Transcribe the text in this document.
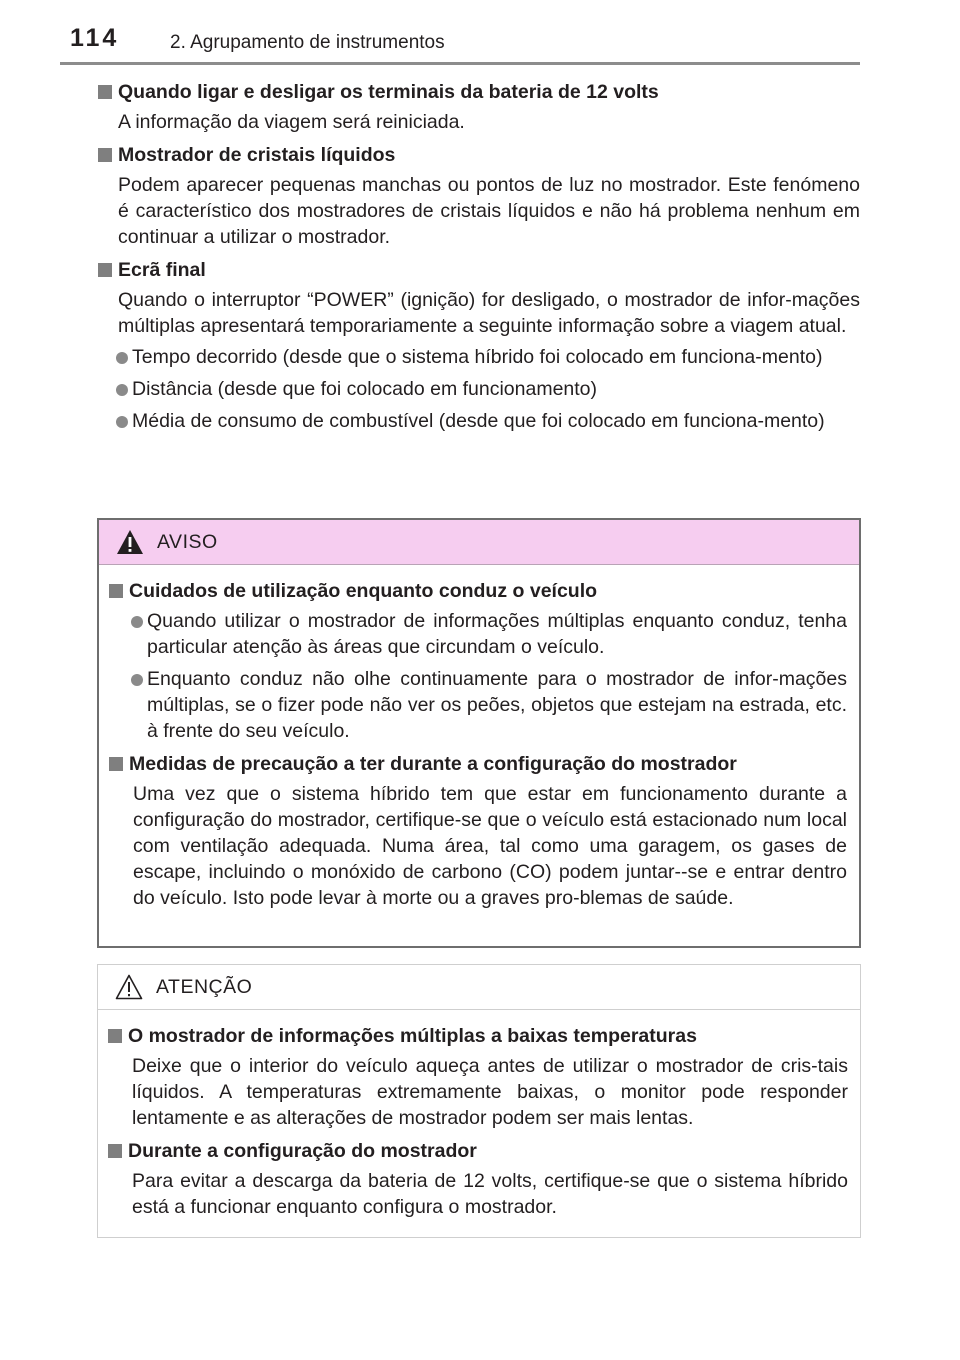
114	2. Agrupamento de instrumentos
Quando ligar e desligar os terminais da bateria de 12 volts
A informação da viagem será reiniciada.
Mostrador de cristais líquidos
Podem aparecer pequenas manchas ou pontos de luz no mostrador. Este fenómeno é característico dos mostradores de cristais líquidos e não há problema nenhum em continuar a utilizar o mostrador.
Ecrã final
Quando o interruptor “POWER” (ignição) for desligado, o mostrador de infor-mações múltiplas apresentará temporariamente a seguinte informação sobre a viagem atual.
Tempo decorrido (desde que o sistema híbrido foi colocado em funciona-mento)
Distância (desde que foi colocado em funcionamento)
Média de consumo de combustível (desde que foi colocado em funciona-mento)
AVISO
Cuidados de utilização enquanto conduz o veículo
Quando utilizar o mostrador de informações múltiplas enquanto conduz, tenha particular atenção às áreas que circundam o veículo.
Enquanto conduz não olhe continuamente para o mostrador de infor-mações múltiplas, se o fizer pode não ver os peões, objetos que estejam na estrada, etc. à frente do seu veículo.
Medidas de precaução a ter durante a configuração do mostrador
Uma vez que o sistema híbrido tem que estar em funcionamento durante a configuração do mostrador, certifique-se que o veículo está estacionado num local com ventilação adequada. Numa área, tal como uma garagem, os gases de escape, incluindo o monóxido de carbono (CO) podem juntar--se e entrar dentro do veículo. Isto pode levar à morte ou a graves pro-blemas de saúde.
ATENÇÃO
O mostrador de informações múltiplas a baixas temperaturas
Deixe que o interior do veículo aqueça antes de utilizar o mostrador de cris-tais líquidos. A temperaturas extremamente baixas, o monitor pode responder lentamente e as alterações de mostrador podem ser mais lentas.
Durante a configuração do mostrador
Para evitar a descarga da bateria de 12 volts, certifique-se que o sistema híbrido está a funcionar enquanto configura o mostrador.
